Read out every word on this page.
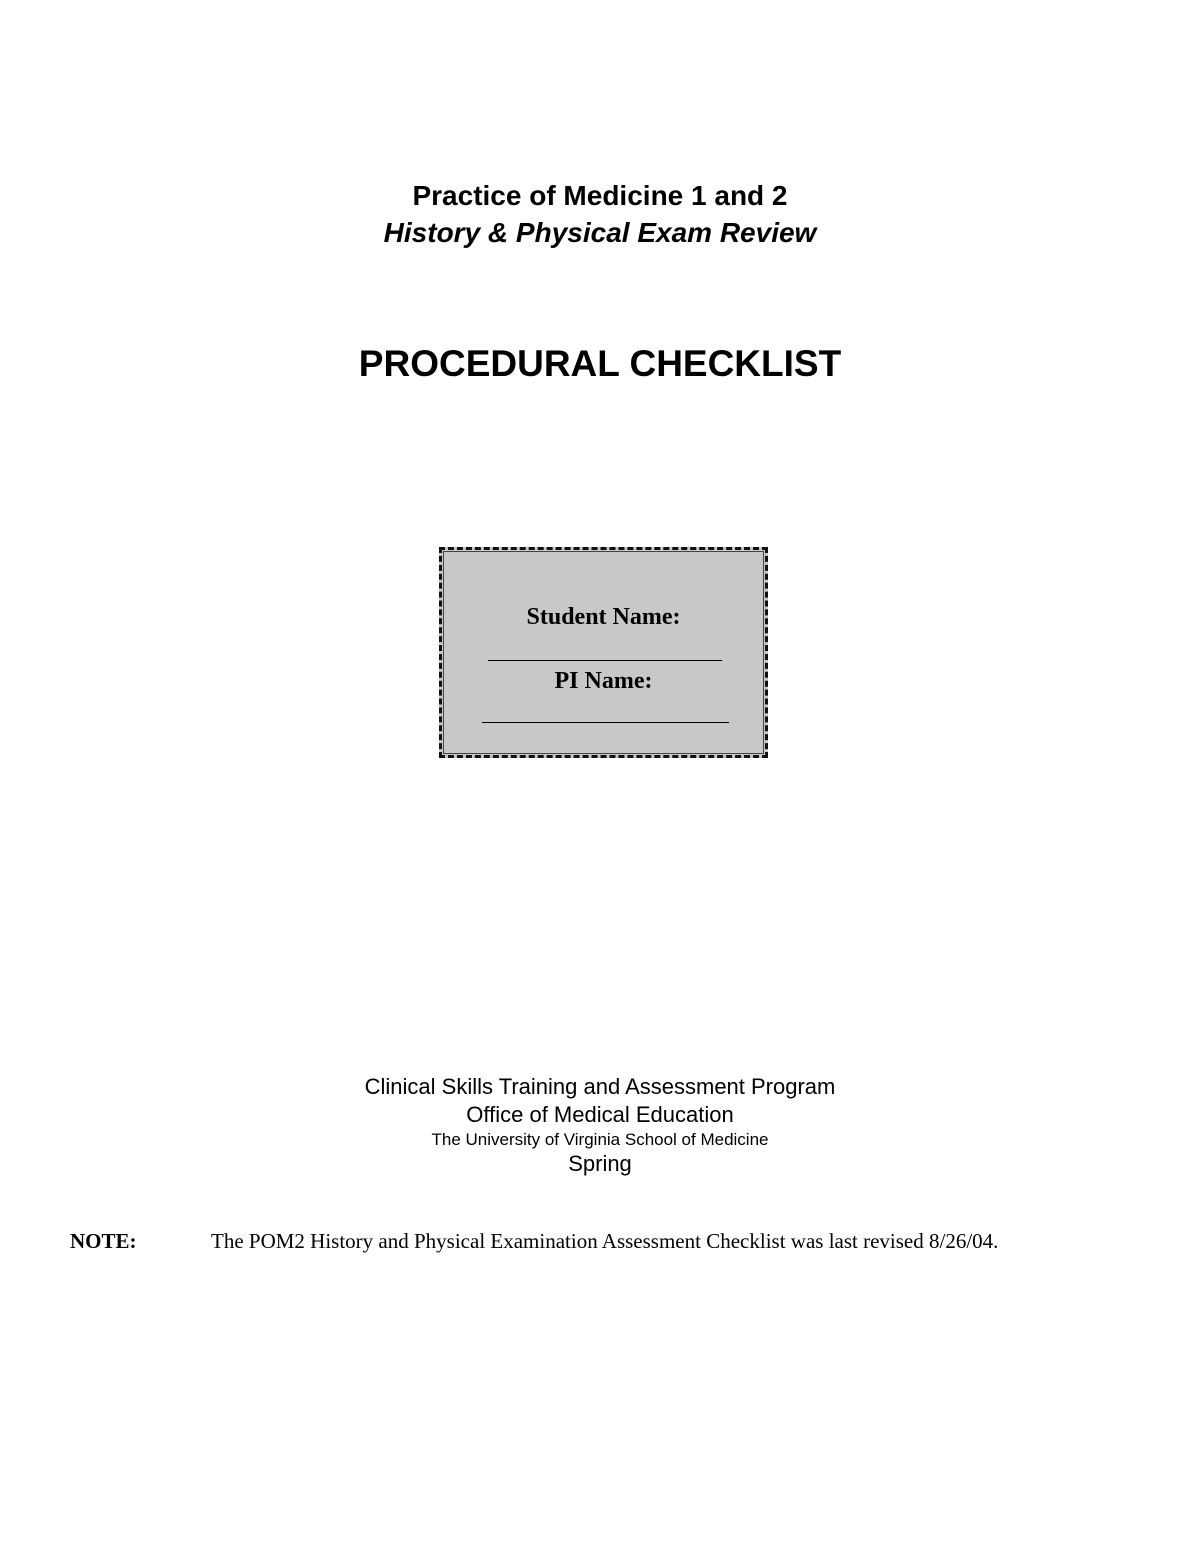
Practice of Medicine 1 and 2
History & Physical Exam Review
PROCEDURAL CHECKLIST
Student Name:
PI Name:
Clinical Skills Training and Assessment Program
Office of Medical Education
The University of Virginia School of Medicine
Spring
NOTE:	The POM2 History and Physical Examination Assessment Checklist was last revised 8/26/04.
